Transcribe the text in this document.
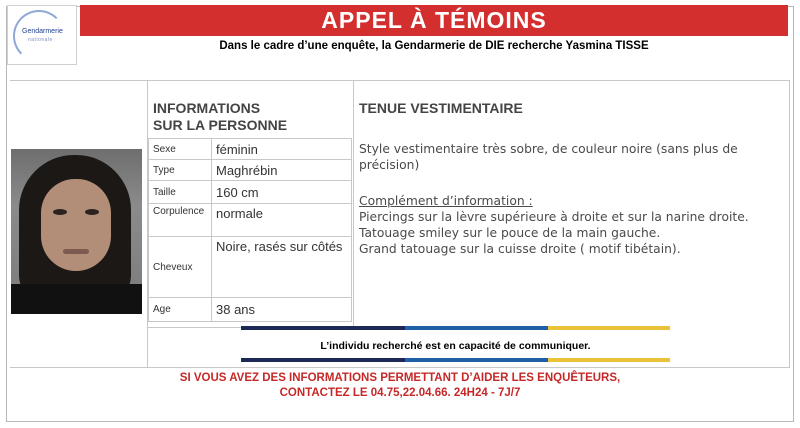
Gendarmerie
nationale
APPEL À TÉMOINS
Dans le cadre d’une enquête, la Gendarmerie de DIE recherche Yasmina TISSE
INFORMATIONS
SUR LA PERSONNE
Sexe	féminin
Type	Maghrébin
Taille	160 cm
Corpulence	normale
Cheveux	Noire, rasés sur côtés
Age	38 ans
TENUE VESTIMENTAIRE
Style vestimentaire très sobre, de couleur noire (sans plus de précision)
Complément d’information :
Piercings sur la lèvre supérieure à droite et sur la narine droite.
Tatouage smiley sur le pouce de la main gauche.
Grand tatouage sur la cuisse droite ( motif tibétain).
L’individu recherché est en capacité de communiquer.
SI VOUS AVEZ DES INFORMATIONS PERMETTANT D’AIDER LES ENQUÊTEURS,
CONTACTEZ LE 04.75,22.04.66. 24H24 - 7J/7
